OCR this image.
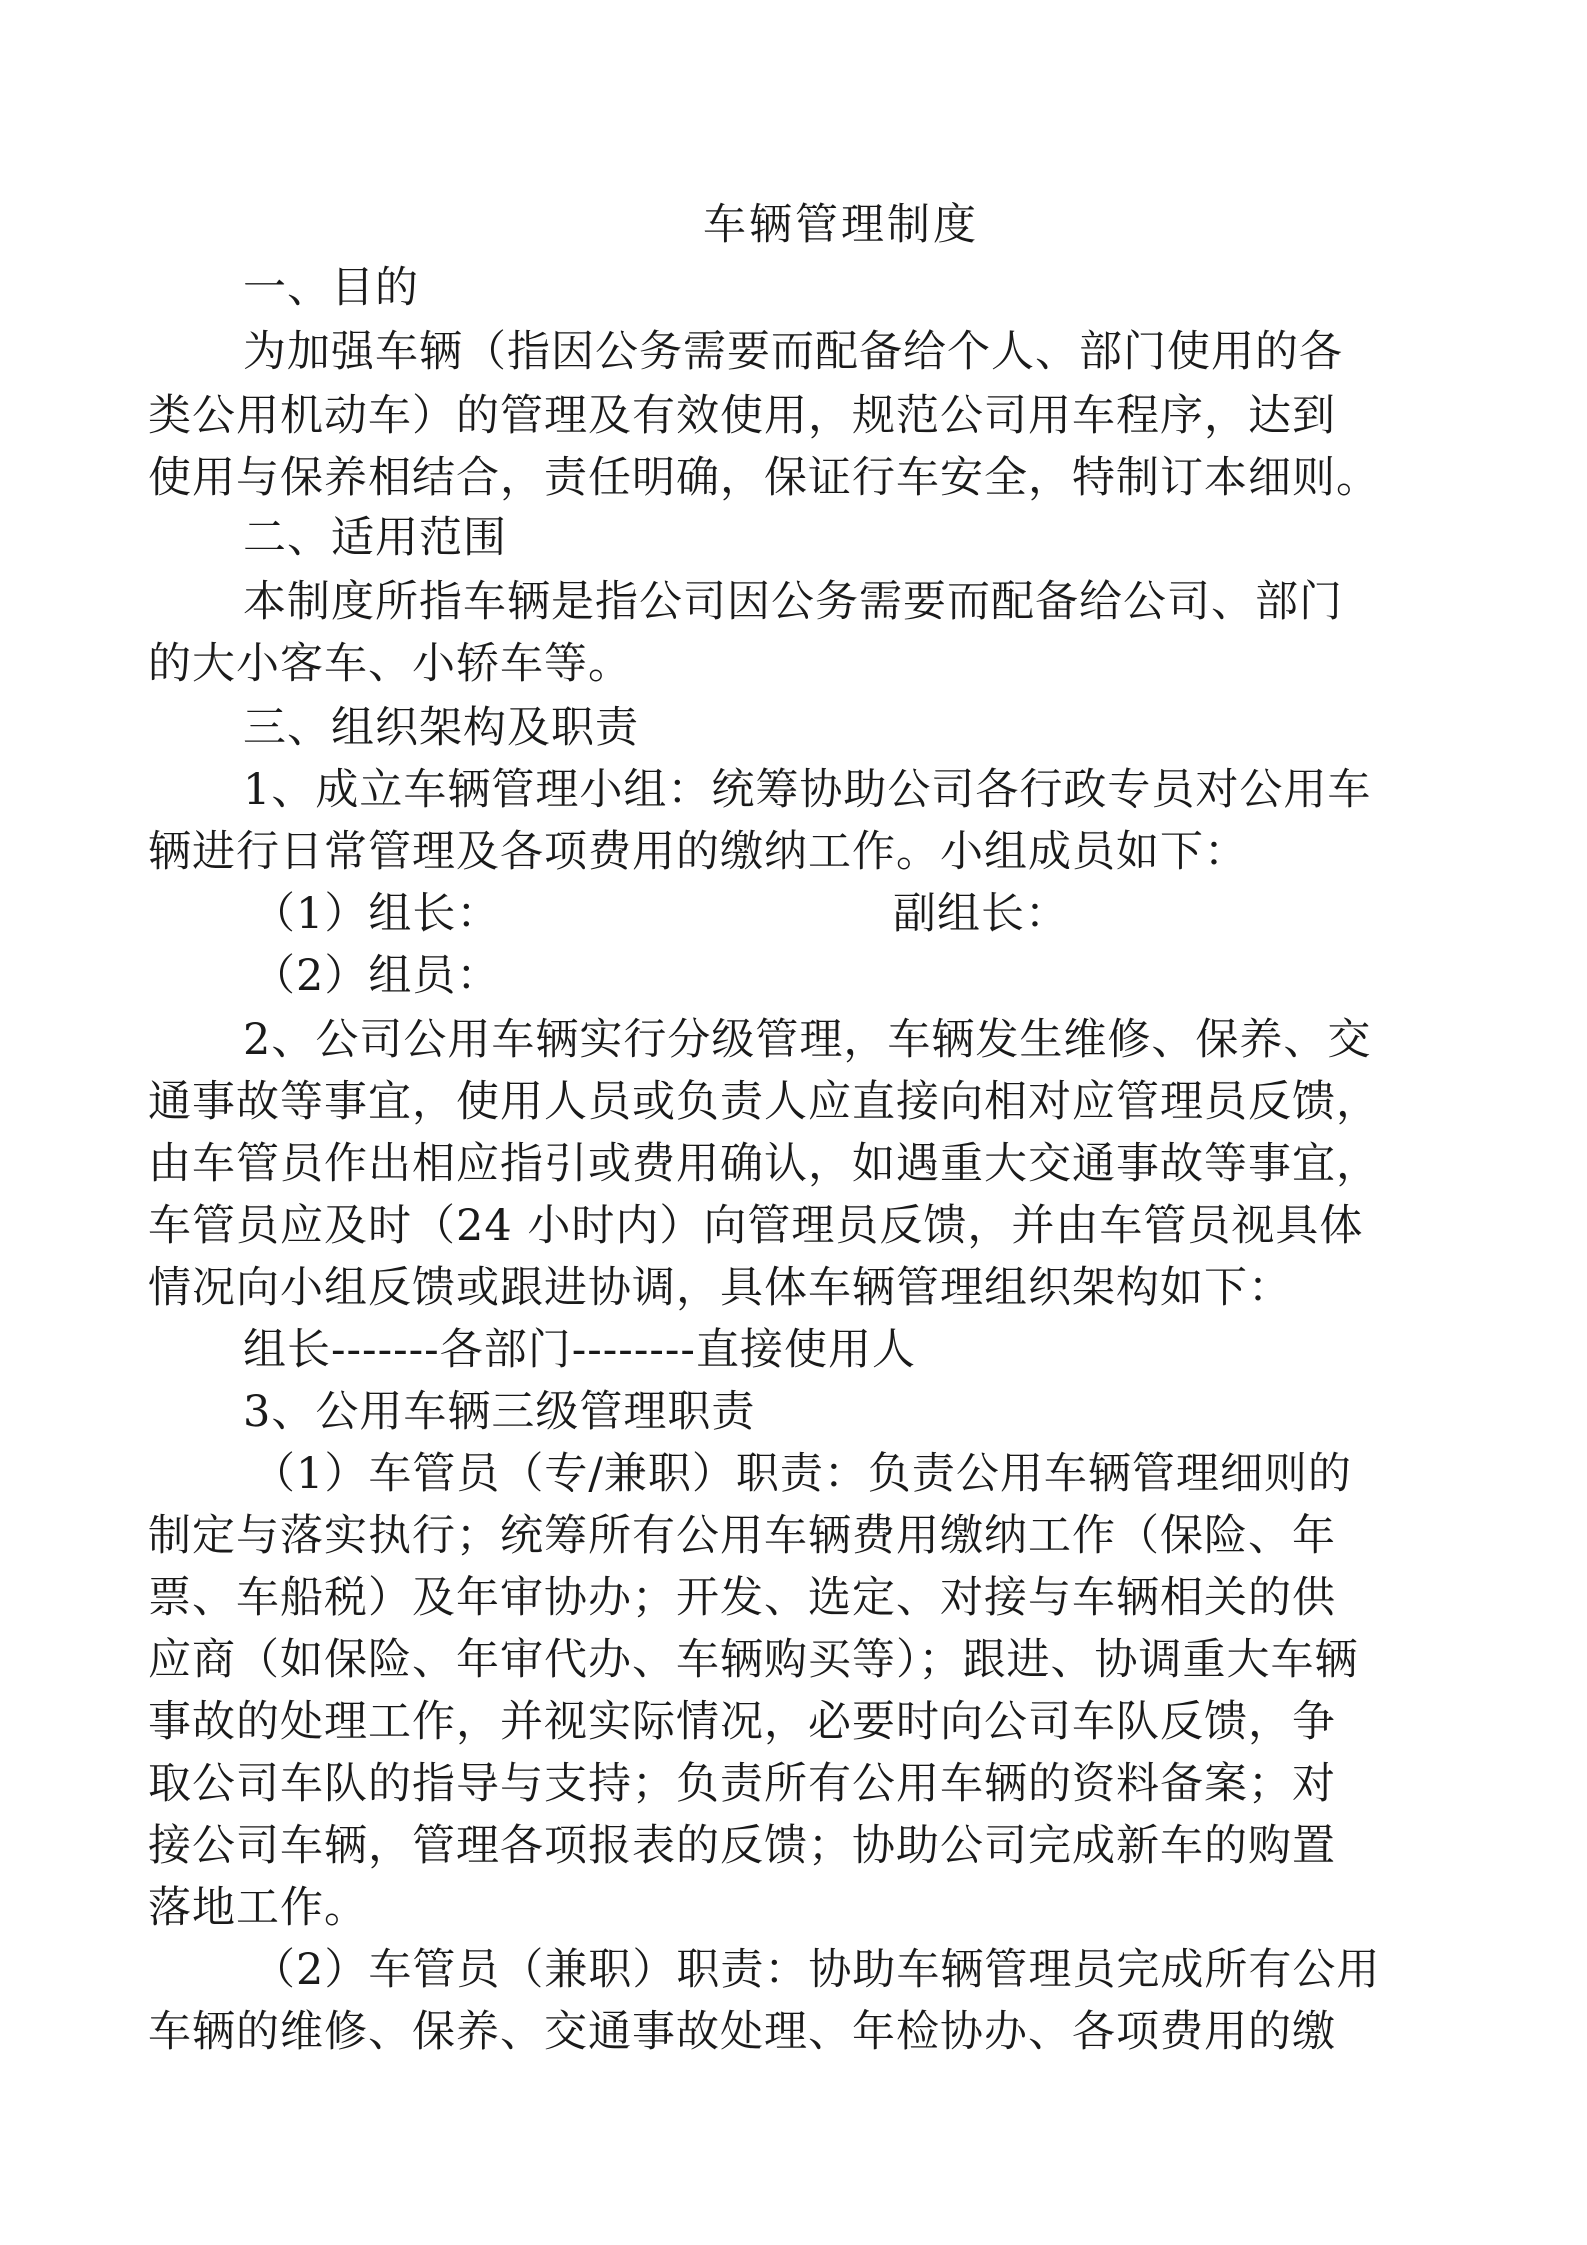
车辆管理制度
一、目的
为加强车辆（指因公务需要而配备给个人、部门使用的各
类公用机动车）的管理及有效使用，规范公司用车程序，达到
使用与保养相结合，责任明确，保证行车安全，特制订本细则。
二、适用范围
本制度所指车辆是指公司因公务需要而配备给公司、部门
的大小客车、小轿车等。
三、组织架构及职责
1、成立车辆管理小组：统筹协助公司各行政专员对公用车
辆进行日常管理及各项费用的缴纳工作。小组成员如下：
（1）组长：	副组长：
（2）组员：
2、公司公用车辆实行分级管理，车辆发生维修、保养、交
通事故等事宜，使用人员或负责人应直接向相对应管理员反馈，
由车管员作出相应指引或费用确认，如遇重大交通事故等事宜，
车管员应及时（24 小时内）向管理员反馈，并由车管员视具体
情况向小组反馈或跟进协调，具体车辆管理组织架构如下：
组长-------各部门--------直接使用人
3、公用车辆三级管理职责
（1）车管员（专/兼职）职责：负责公用车辆管理细则的
制定与落实执行；统筹所有公用车辆费用缴纳工作（保险、年
票、车船税）及年审协办；开发、选定、对接与车辆相关的供
应商（如保险、年审代办、车辆购买等）；跟进、协调重大车辆
事故的处理工作，并视实际情况，必要时向公司车队反馈，争
取公司车队的指导与支持；负责所有公用车辆的资料备案；对
接公司车辆，管理各项报表的反馈；协助公司完成新车的购置
落地工作。
（2）车管员（兼职）职责：协助车辆管理员完成所有公用
车辆的维修、保养、交通事故处理、年检协办、各项费用的缴
